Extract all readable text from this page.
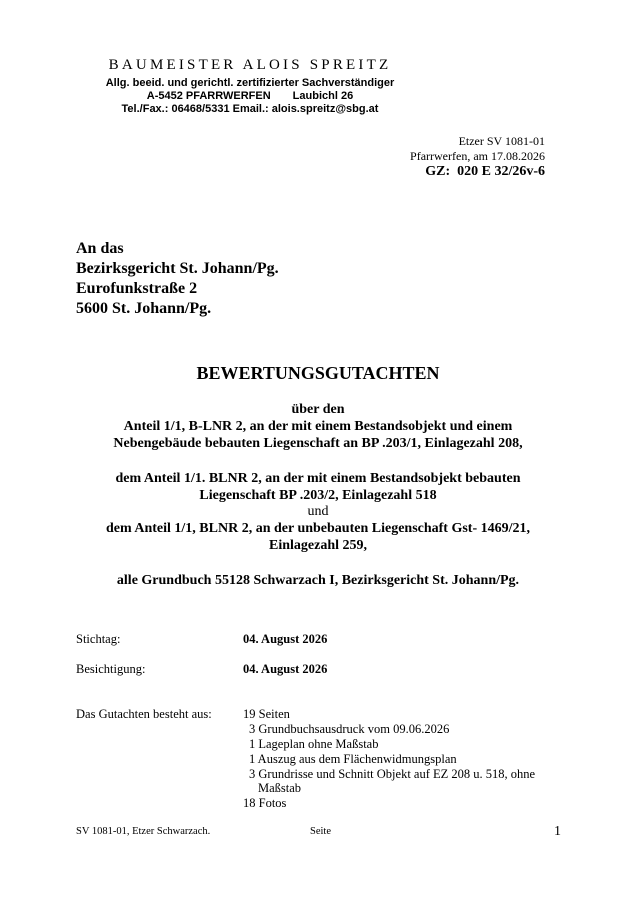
BAUMEISTER ALOIS SPREITZ
Allg. beeid. und gerichtl. zertifizierter Sachverständiger
A-5452 PFARRWERFEN Laubichl 26
Tel./Fax.: 06468/5331 Email.: alois.spreitz@sbg.at
Etzer SV 1081-01
Pfarrwerfen, am 17.08.2026
GZ:  020 E 32/26v-6
An das
Bezirksgericht St. Johann/Pg.
Eurofunkstraße 2
5600 St. Johann/Pg.
BEWERTUNGSGUTACHTEN
über den
Anteil 1/1, B-LNR 2, an der mit einem Bestandsobjekt und einem
Nebengebäude bebauten Liegenschaft an BP .203/1, Einlagezahl 208,
dem Anteil 1/1. BLNR 2, an der mit einem Bestandsobjekt bebauten
Liegenschaft BP .203/2, Einlagezahl 518
und
dem Anteil 1/1, BLNR 2, an der unbebauten Liegenschaft Gst- 1469/21,
Einlagezahl 259,
alle Grundbuch 55128 Schwarzach I, Bezirksgericht St. Johann/Pg.
Stichtag:	04. August 2026
Besichtigung:	04. August 2026
Das Gutachten besteht aus:	19 Seiten
3 Grundbuchsausdruck vom 09.06.2026
1 Lageplan ohne Maßstab
1 Auszug aus dem Flächenwidmungsplan
3 Grundrisse und Schnitt Objekt auf EZ 208 u. 518, ohne
Maßstab
18 Fotos
SV 1081-01, Etzer Schwarzach.	Seite	1
